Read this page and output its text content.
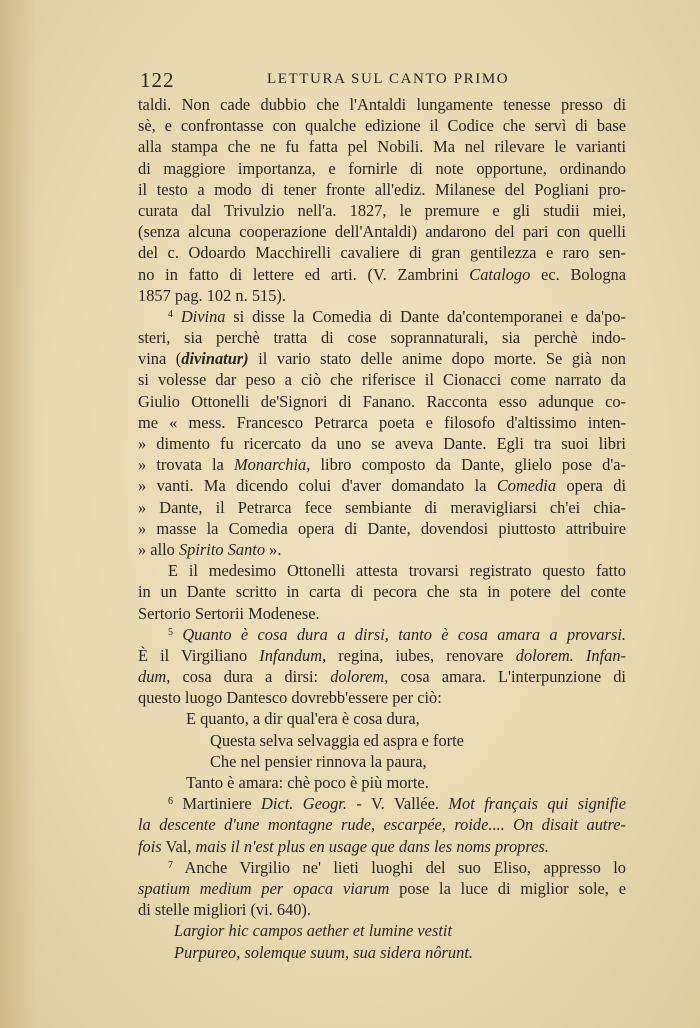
122	LETTURA SUL CANTO PRIMO
taldi. Non cade dubbio che l'Antaldi lungamente tenesse presso di
sè, e confrontasse con qualche edizione il Codice che servì di base
alla stampa che ne fu fatta pel Nobili. Ma nel rilevare le varianti
di maggiore importanza, e fornirle di note opportune, ordinando
il testo a modo di tener fronte all'ediz. Milanese del Pogliani pro-
curata dal Trivulzio nell'a. 1827, le premure e gli studii miei,
(senza alcuna cooperazione dell'Antaldi) andarono del pari con quelli
del c. Odoardo Macchirelli cavaliere di gran gentilezza e raro sen-
no in fatto di lettere ed arti. (V. Zambrini Catalogo ec. Bologna
1857 pag. 102 n. 515).
$^4$ Divina si disse la Comedia di Dante da'contemporanei e da'po-
steri, sia perchè tratta di cose soprannaturali, sia perchè indo-
vina (divinatur) il vario stato delle anime dopo morte. Se già non
si volesse dar peso a ciò che riferisce il Cionacci come narrato da
Giulio Ottonelli de'Signori di Fanano. Racconta esso adunque co-
me « mess. Francesco Petrarca poeta e filosofo d'altissimo inten-
» dimento fu ricercato da uno se aveva Dante. Egli tra suoi libri
» trovata la Monarchia, libro composto da Dante, glielo pose d'a-
» vanti. Ma dicendo colui d'aver domandato la Comedia opera di
» Dante, il Petrarca fece sembiante di meravigliarsi ch'ei chia-
» masse la Comedia opera di Dante, dovendosi piuttosto attribuire
» allo Spirito Santo ».
E il medesimo Ottonelli attesta trovarsi registrato questo fatto
in un Dante scritto in carta di pecora che sta in potere del conte
Sertorio Sertorii Modenese.
$^5$ Quanto è cosa dura a dirsi, tanto è cosa amara a provarsi.
È il Virgiliano Infandum, regina, iubes, renovare dolorem. Infan-
dum, cosa dura a dirsi: dolorem, cosa amara. L'interpunzione di
questo luogo Dantesco dovrebb'essere per ciò:
E quanto, a dir qual'era è cosa dura,
Questa selva selvaggia ed aspra e forte
Che nel pensier rinnova la paura,
Tanto è amara: chè poco è più morte.
$^6$ Martiniere Dict. Geogr. - V. Vallée. Mot français qui signifie
la descente d'une montagne rude, escarpée, roide.... On disait autre-
fois Val, mais il n'est plus en usage que dans les noms propres.
$^7$ Anche Virgilio ne' lieti luoghi del suo Eliso, appresso lo
spatium medium per opaca viarum pose la luce di miglior sole, e
di stelle migliori (vi. 640).
Largior hic campos aether et lumine vestit
Purpureo, solemque suum, sua sidera nôrunt.
